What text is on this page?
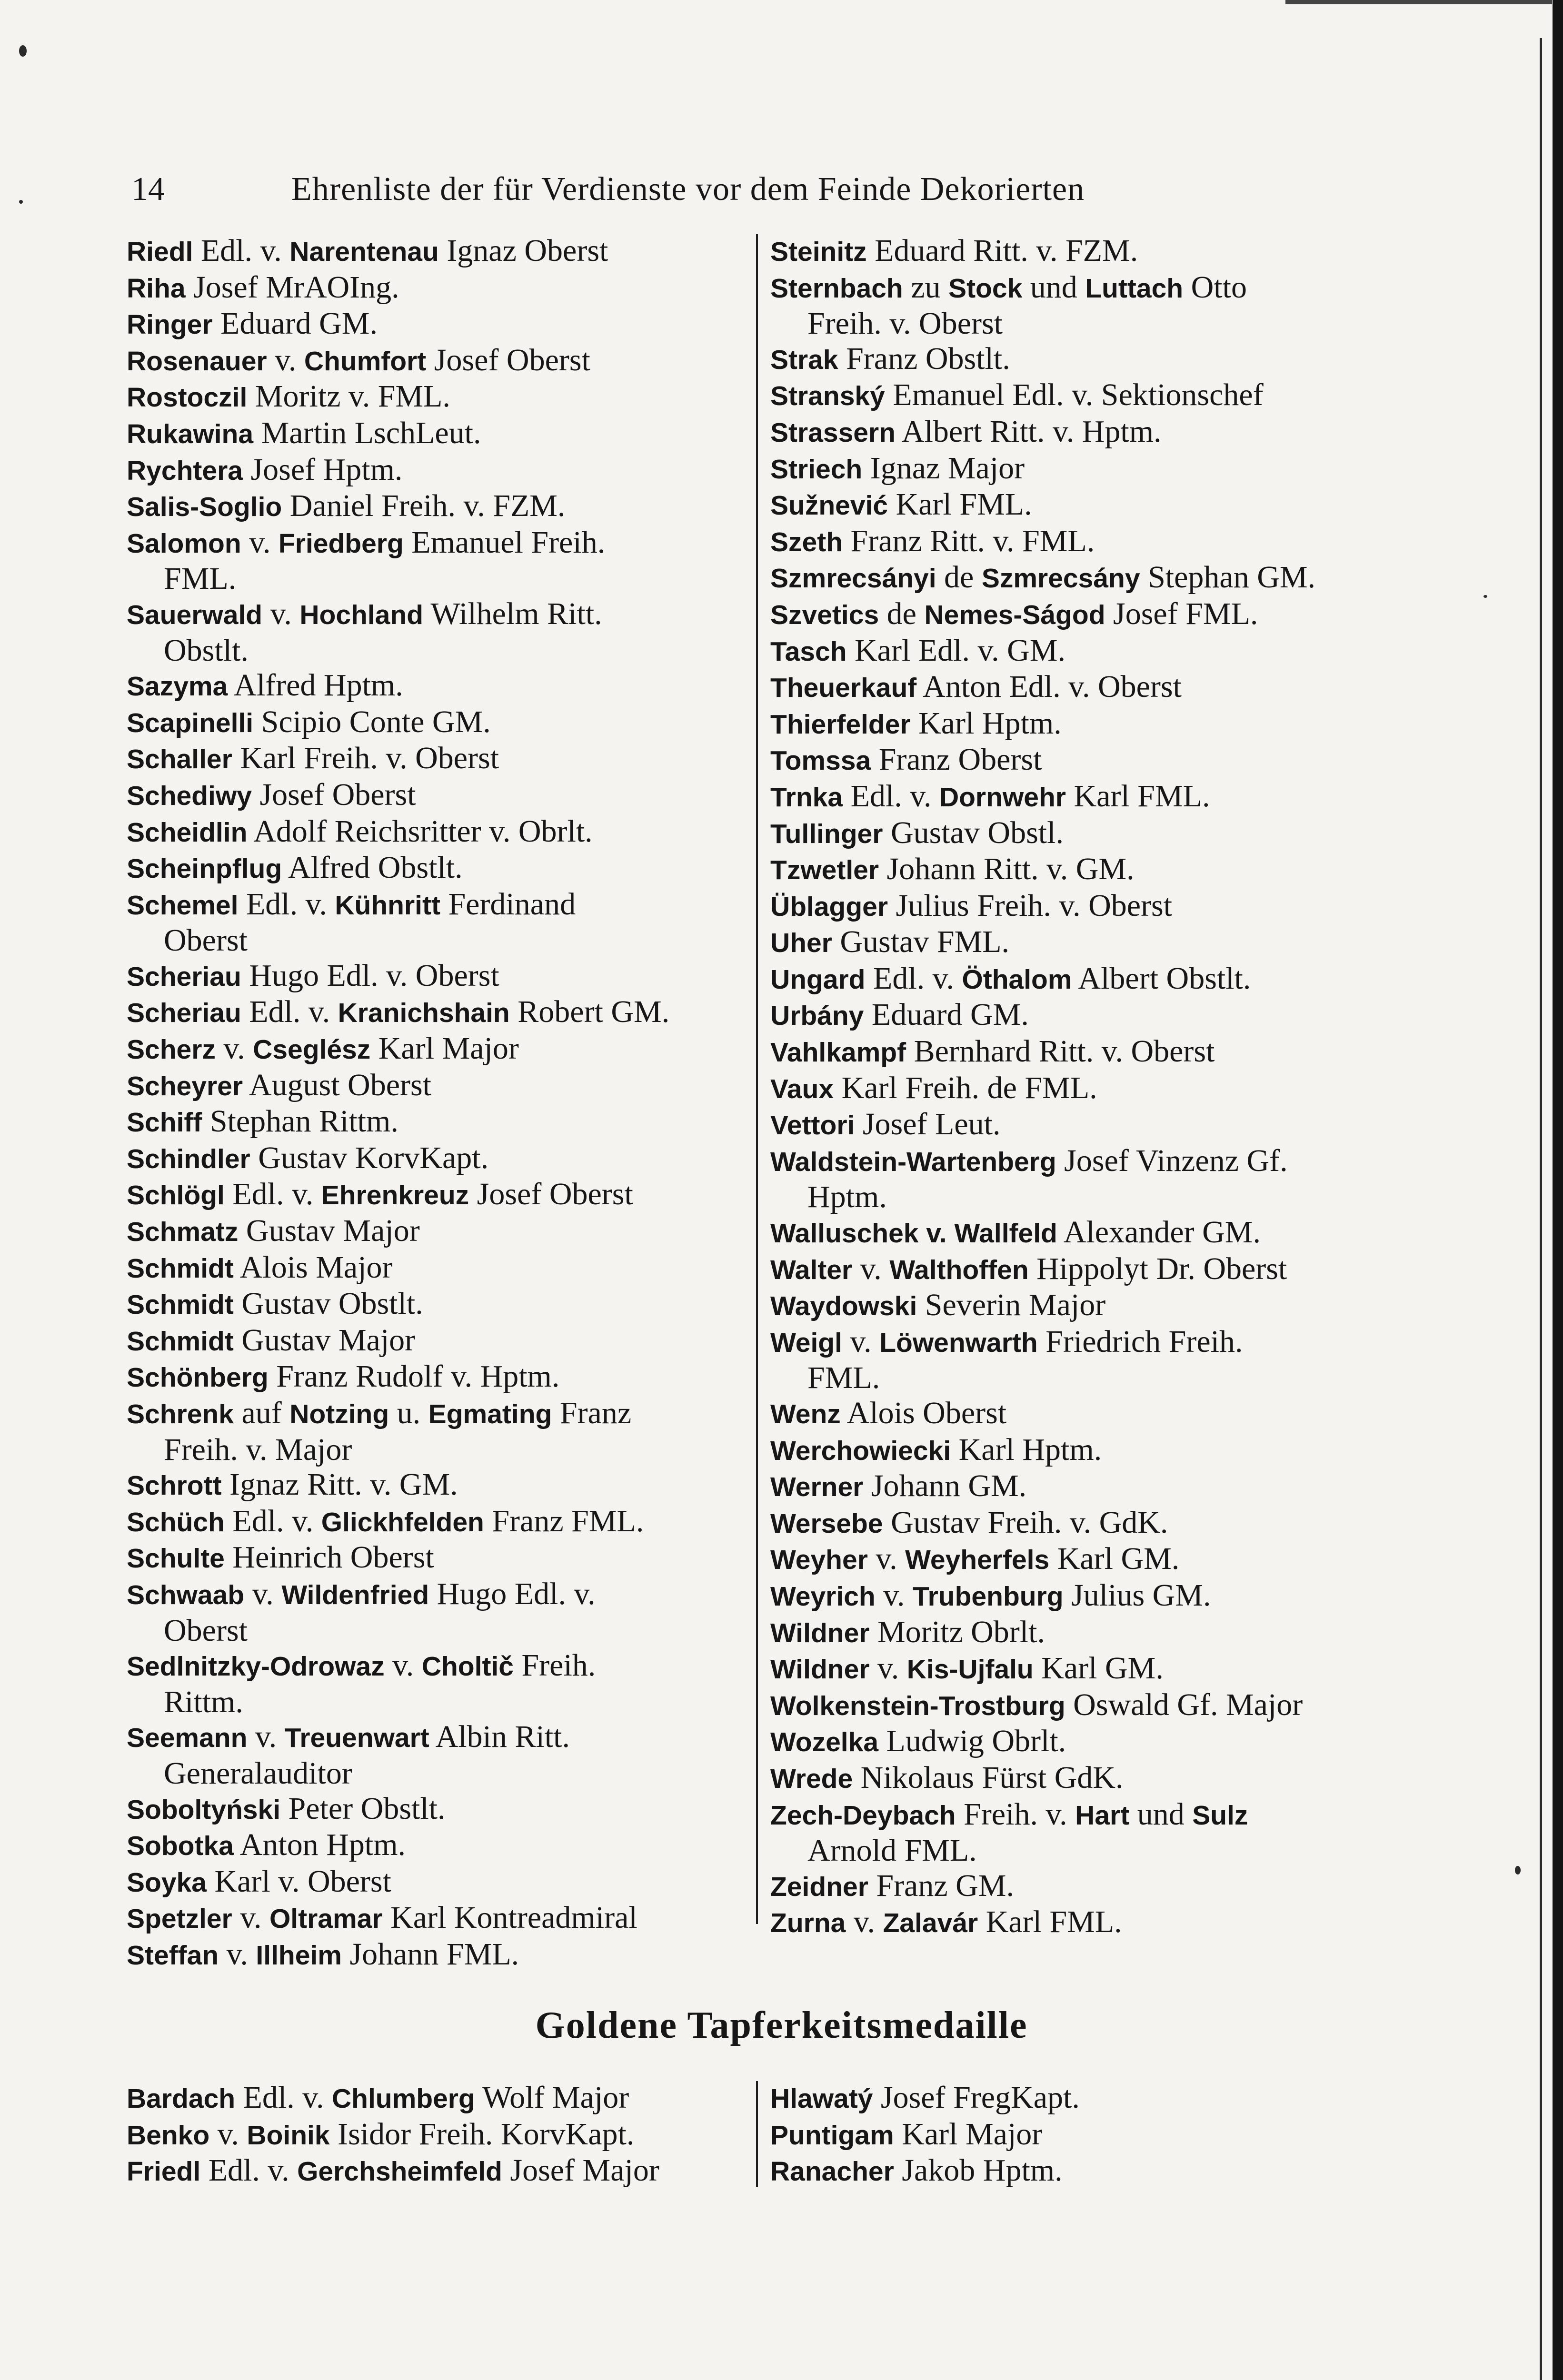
14	Ehrenliste der für Verdienste vor dem Feinde Dekorierten
Riedl Edl. v. Narentenau Ignaz Oberst
Riha Josef MrAOIng.
Ringer Eduard GM.
Rosenauer v. Chumfort Josef Oberst
Rostoczil Moritz v. FML.
Rukawina Martin LschLeut.
Rychtera Josef Hptm.
Salis-Soglio Daniel Freih. v. FZM.
Salomon v. Friedberg Emanuel Freih.
FML.
Sauerwald v. Hochland Wilhelm Ritt.
Obstlt.
Sazyma Alfred Hptm.
Scapinelli Scipio Conte GM.
Schaller Karl Freih. v. Oberst
Schediwy Josef Oberst
Scheidlin Adolf Reichsritter v. Obrlt.
Scheinpflug Alfred Obstlt.
Schemel Edl. v. Kühnritt Ferdinand
Oberst
Scheriau Hugo Edl. v. Oberst
Scheriau Edl. v. Kranichshain Robert GM.
Scherz v. Cseglész Karl Major
Scheyrer August Oberst
Schiff Stephan Rittm.
Schindler Gustav KorvKapt.
Schlögl Edl. v. Ehrenkreuz Josef Oberst
Schmatz Gustav Major
Schmidt Alois Major
Schmidt Gustav Obstlt.
Schmidt Gustav Major
Schönberg Franz Rudolf v. Hptm.
Schrenk auf Notzing u. Egmating Franz
Freih. v. Major
Schrott Ignaz Ritt. v. GM.
Schüch Edl. v. Glickhfelden Franz FML.
Schulte Heinrich Oberst
Schwaab v. Wildenfried Hugo Edl. v.
Oberst
Sedlnitzky-Odrowaz v. Choltič Freih.
Rittm.
Seemann v. Treuenwart Albin Ritt.
Generalauditor
Soboltyński Peter Obstlt.
Sobotka Anton Hptm.
Soyka Karl v. Oberst
Spetzler v. Oltramar Karl Kontreadmiral
Steffan v. Illheim Johann FML.
Steinitz Eduard Ritt. v. FZM.
Sternbach zu Stock und Luttach Otto
Freih. v. Oberst
Strak Franz Obstlt.
Stranský Emanuel Edl. v. Sektionschef
Strassern Albert Ritt. v. Hptm.
Striech Ignaz Major
Sužnević Karl FML.
Szeth Franz Ritt. v. FML.
Szmrecsányi de Szmrecsány Stephan GM.
Szvetics de Nemes-Ságod Josef FML.
Tasch Karl Edl. v. GM.
Theuerkauf Anton Edl. v. Oberst
Thierfelder Karl Hptm.
Tomssa Franz Oberst
Trnka Edl. v. Dornwehr Karl FML.
Tullinger Gustav Obstl.
Tzwetler Johann Ritt. v. GM.
Üblagger Julius Freih. v. Oberst
Uher Gustav FML.
Ungard Edl. v. Öthalom Albert Obstlt.
Urbány Eduard GM.
Vahlkampf Bernhard Ritt. v. Oberst
Vaux Karl Freih. de FML.
Vettori Josef Leut.
Waldstein-Wartenberg Josef Vinzenz Gf.
Hptm.
Walluschek v. Wallfeld Alexander GM.
Walter v. Walthoffen Hippolyt Dr. Oberst
Waydowski Severin Major
Weigl v. Löwenwarth Friedrich Freih.
FML.
Wenz Alois Oberst
Werchowiecki Karl Hptm.
Werner Johann GM.
Wersebe Gustav Freih. v. GdK.
Weyher v. Weyherfels Karl GM.
Weyrich v. Trubenburg Julius GM.
Wildner Moritz Obrlt.
Wildner v. Kis-Ujfalu Karl GM.
Wolkenstein-Trostburg Oswald Gf. Major
Wozelka Ludwig Obrlt.
Wrede Nikolaus Fürst GdK.
Zech-Deybach Freih. v. Hart und Sulz
Arnold FML.
Zeidner Franz GM.
Zurna v. Zalavár Karl FML.
Goldene Tapferkeitsmedaille
Bardach Edl. v. Chlumberg Wolf Major
Benko v. Boinik Isidor Freih. KorvKapt.
Friedl Edl. v. Gerchsheimfeld Josef Major
Hlawatý Josef FregKapt.
Puntigam Karl Major
Ranacher Jakob Hptm.
